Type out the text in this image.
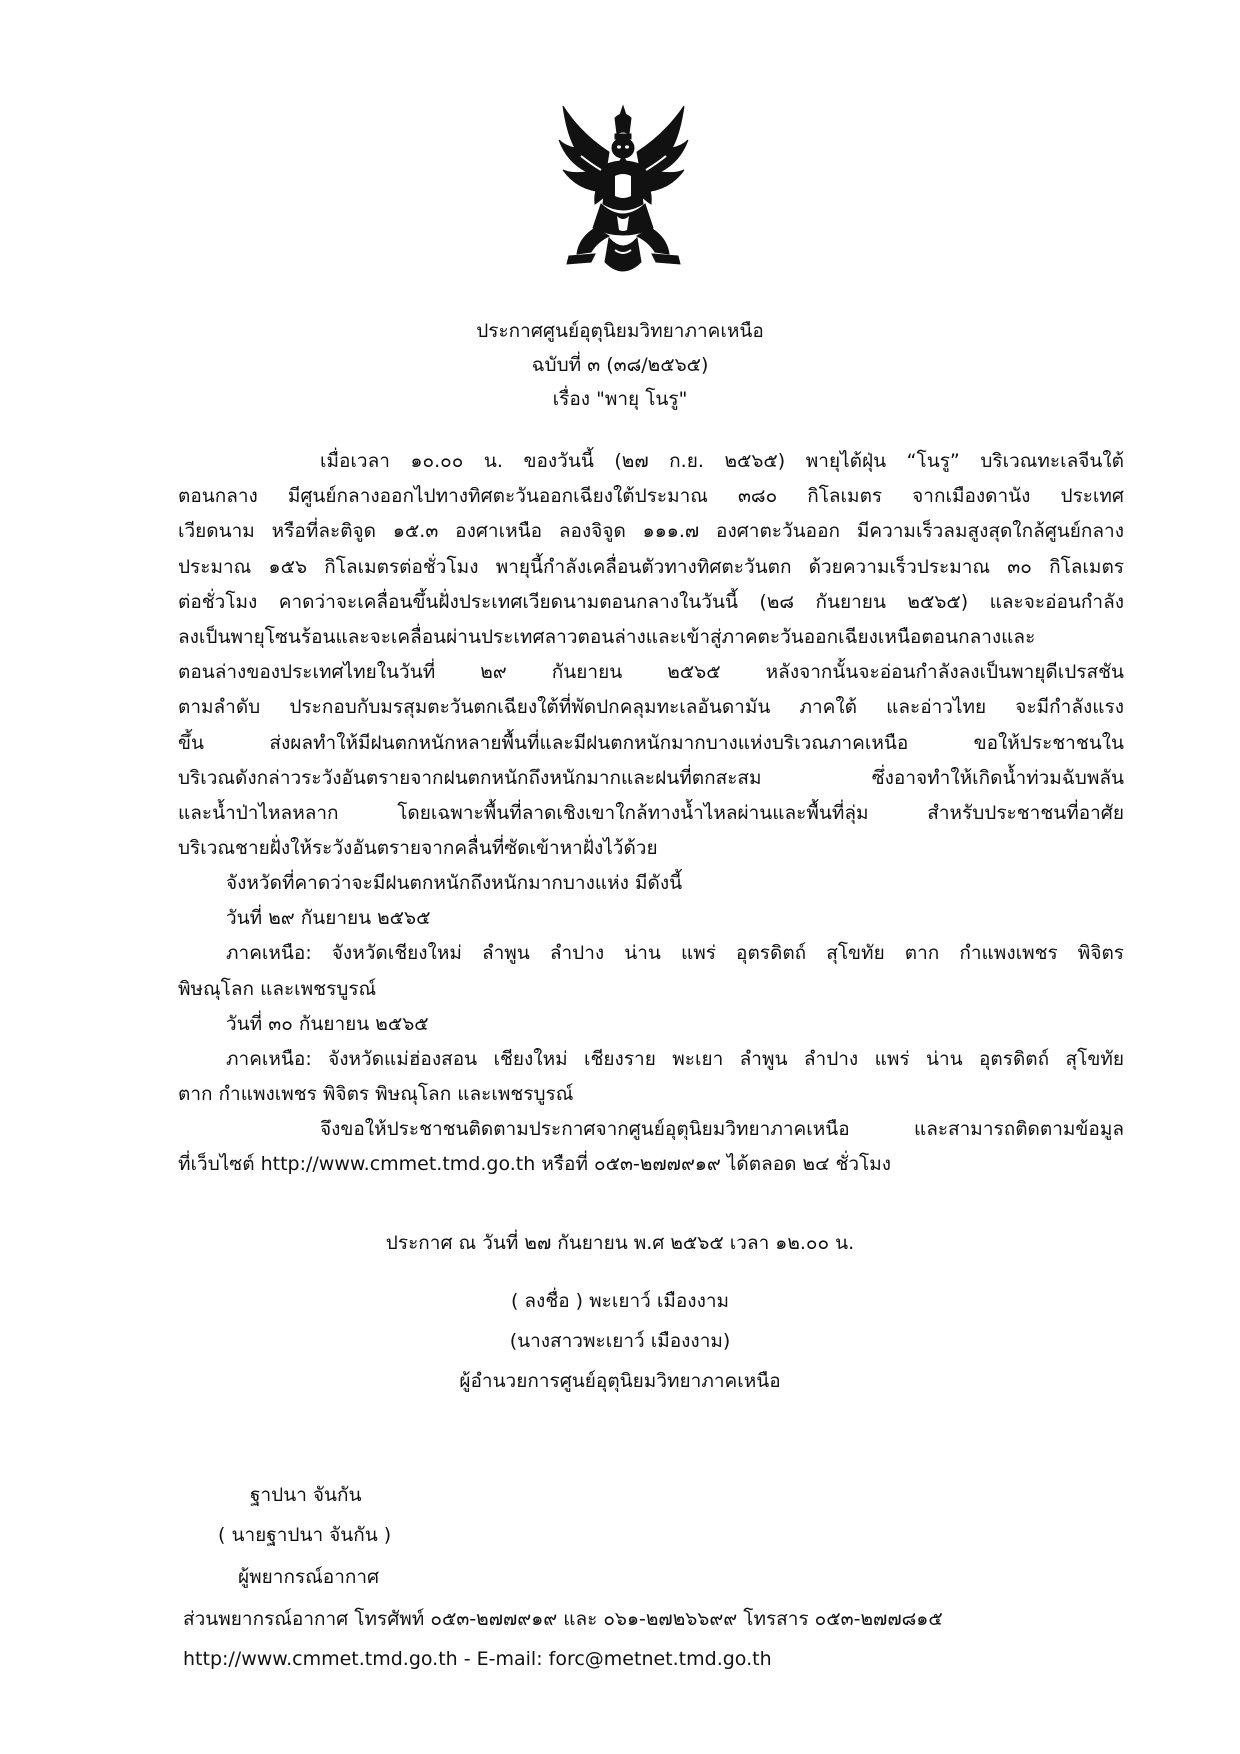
ประกาศศูนย์อุตุนิยมวิทยาภาคเหนือ
ฉบับที่ ๓ (๓๘/๒๕๖๕)
เรื่อง "พายุ โนรู"
เมื่อเวลา ๑๐.๐๐ น. ของวันนี้ (๒๗ ก.ย. ๒๕๖๕) พายุไต้ฝุ่น “โนรู” บริเวณทะเลจีนใต้
ตอนกลาง มีศูนย์กลางออกไปทางทิศตะวันออกเฉียงใต้ประมาณ ๓๘๐ กิโลเมตร จากเมืองดานัง ประเทศ
เวียดนาม หรือที่ละติจูด ๑๕.๓ องศาเหนือ ลองจิจูด ๑๑๑.๗ องศาตะวันออก มีความเร็วลมสูงสุดใกล้ศูนย์กลาง
ประมาณ ๑๕๖ กิโลเมตรต่อชั่วโมง พายุนี้กำลังเคลื่อนตัวทางทิศตะวันตก ด้วยความเร็วประมาณ ๓๐ กิโลเมตร
ต่อชั่วโมง คาดว่าจะเคลื่อนขึ้นฝั่งประเทศเวียดนามตอนกลางในวันนี้ (๒๘ กันยายน ๒๕๖๕) และจะอ่อนกำลัง
ลงเป็นพายุโซนร้อนและจะเคลื่อนผ่านประเทศลาวตอนล่างและเข้าสู่ภาคตะวันออกเฉียงเหนือตอนกลางและ
ตอนล่างของประเทศไทยในวันที่ ๒๙ กันยายน ๒๕๖๕ หลังจากนั้นจะอ่อนกำลังลงเป็นพายุดีเปรสชัน
ตามลำดับ ประกอบกับมรสุมตะวันตกเฉียงใต้ที่พัดปกคลุมทะเลอันดามัน ภาคใต้ และอ่าวไทย จะมีกำลังแรง
ขึ้น ส่งผลทำให้มีฝนตกหนักหลายพื้นที่และมีฝนตกหนักมากบางแห่งบริเวณภาคเหนือ ขอให้ประชาชนใน
บริเวณดังกล่าวระวังอันตรายจากฝนตกหนักถึงหนักมากและฝนที่ตกสะสม ซึ่งอาจทำให้เกิดน้ำท่วมฉับพลัน
และน้ำป่าไหลหลาก โดยเฉพาะพื้นที่ลาดเชิงเขาใกล้ทางน้ำไหลผ่านและพื้นที่ลุ่ม สำหรับประชาชนที่อาศัย
บริเวณชายฝั่งให้ระวังอันตรายจากคลื่นที่ซัดเข้าหาฝั่งไว้ด้วย
จังหวัดที่คาดว่าจะมีฝนตกหนักถึงหนักมากบางแห่ง มีดังนี้
วันที่ ๒๙ กันยายน ๒๕๖๕
ภาคเหนือ: จังหวัดเชียงใหม่ ลำพูน ลำปาง น่าน แพร่ อุตรดิตถ์ สุโขทัย ตาก กำแพงเพชร พิจิตร
พิษณุโลก และเพชรบูรณ์
วันที่ ๓๐ กันยายน ๒๕๖๕
ภาคเหนือ: จังหวัดแม่ฮ่องสอน เชียงใหม่ เชียงราย พะเยา ลำพูน ลำปาง แพร่ น่าน อุตรดิตถ์ สุโขทัย
ตาก กำแพงเพชร พิจิตร พิษณุโลก และเพชรบูรณ์
จึงขอให้ประชาชนติดตามประกาศจากศูนย์อุตุนิยมวิทยาภาคเหนือ และสามารถติดตามข้อมูล
ที่เว็บไซต์ http://www.cmmet.tmd.go.th หรือที่ ๐๕๓-๒๗๗๙๑๙ ได้ตลอด ๒๔ ชั่วโมง
ประกาศ ณ วันที่ ๒๗ กันยายน พ.ศ ๒๕๖๕ เวลา ๑๒.๐๐ น.
( ลงชื่อ ) พะเยาว์ เมืองงาม
(นางสาวพะเยาว์ เมืองงาม)
ผู้อำนวยการศูนย์อุตุนิยมวิทยาภาคเหนือ
ฐาปนา จันกัน
( นายฐาปนา จันกัน )
ผู้พยากรณ์อากาศ
ส่วนพยากรณ์อากาศ โทรศัพท์ ๐๕๓-๒๗๗๙๑๙ และ ๐๖๑-๒๗๒๖๖๙๙ โทรสาร ๐๕๓-๒๗๗๘๑๕
http://www.cmmet.tmd.go.th - E-mail: forc@metnet.tmd.go.th
